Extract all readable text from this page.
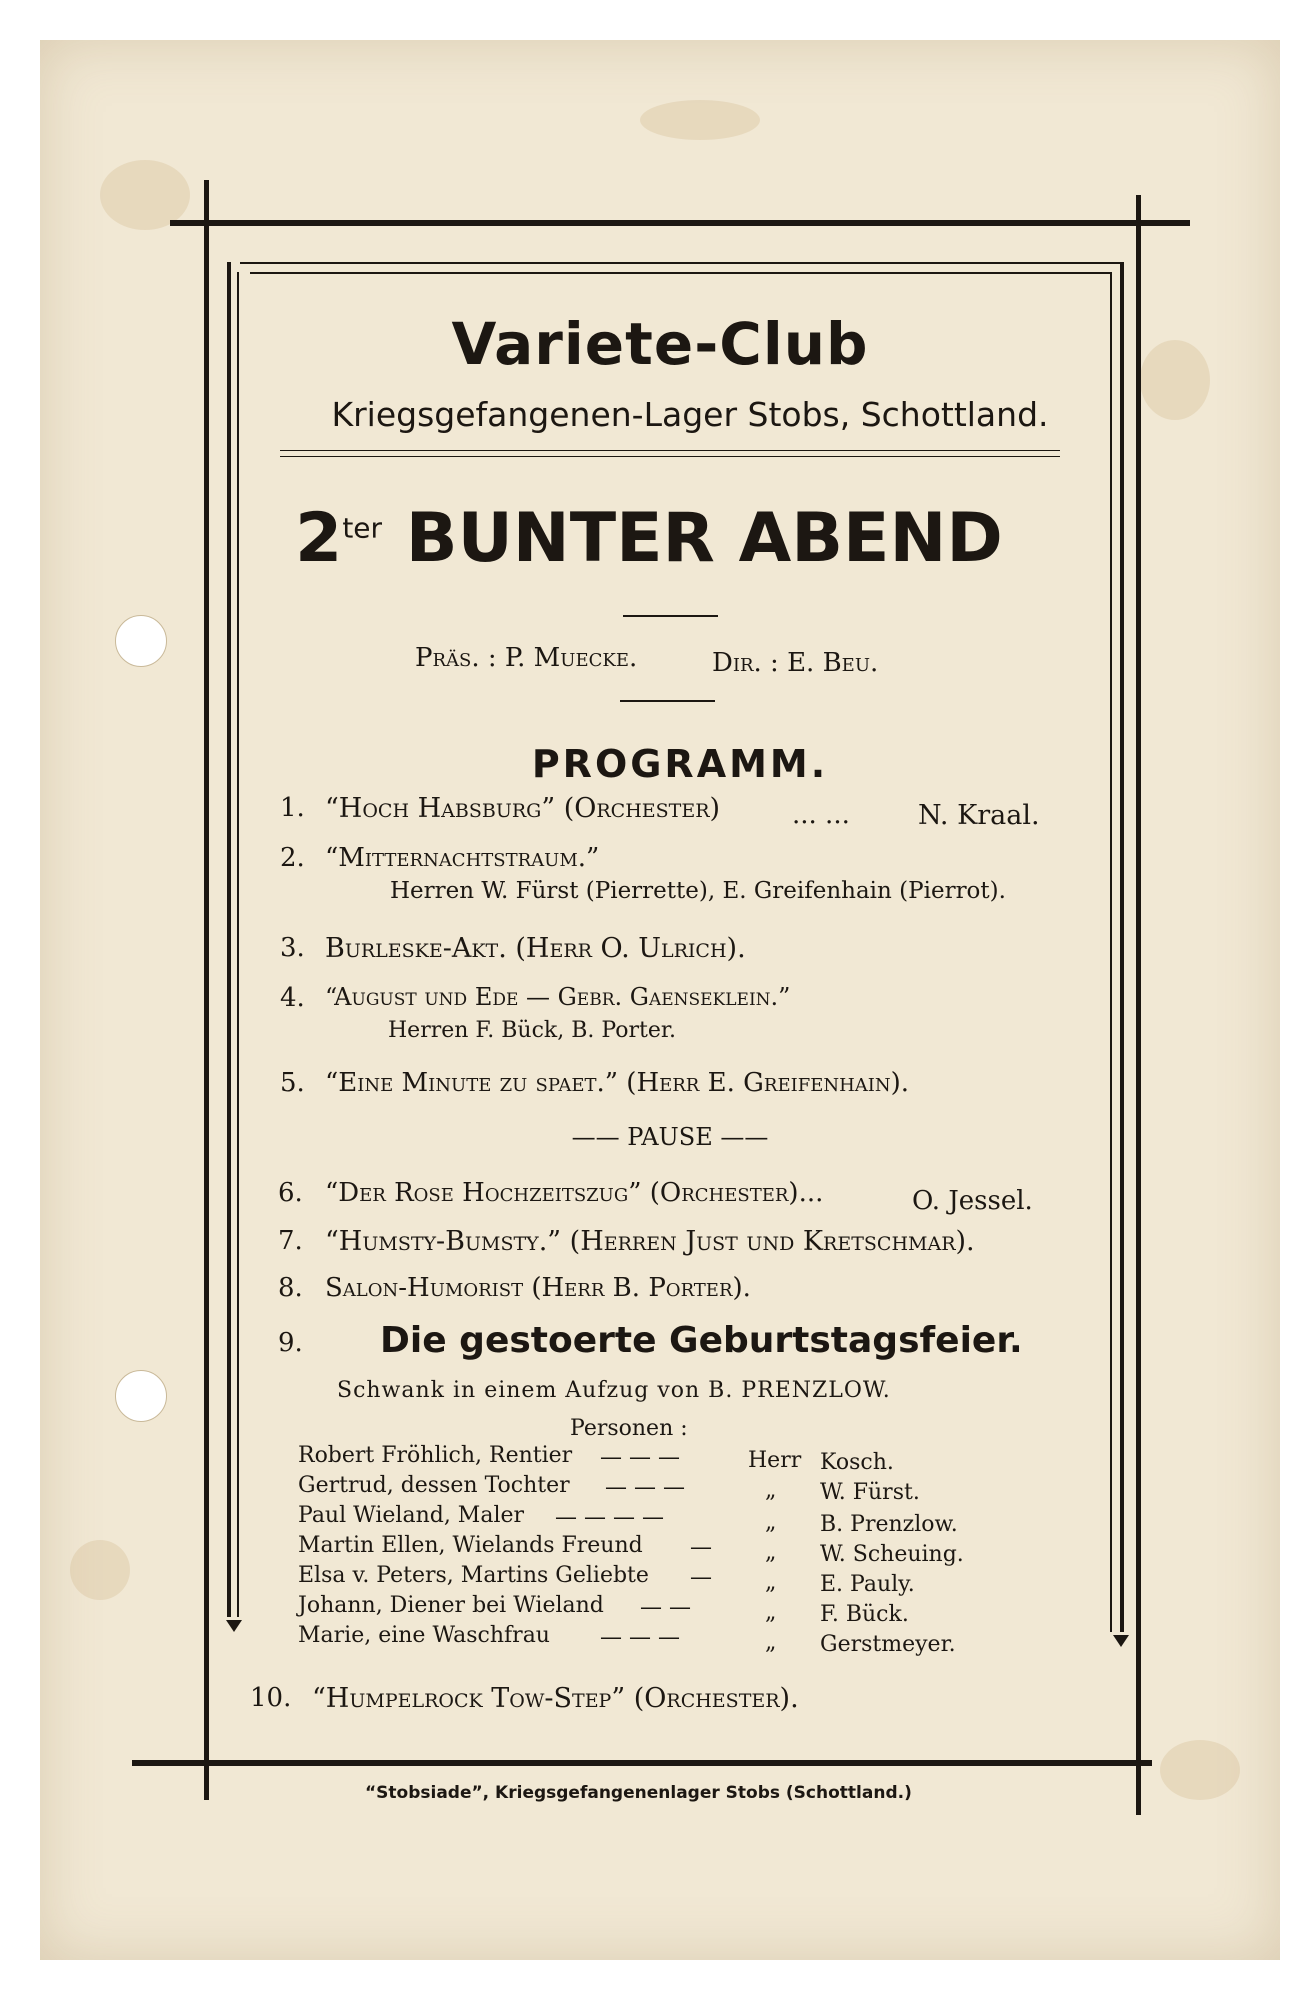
Variete-Club
Kriegsgefangenen-Lager Stobs, Schottland.
$2^{ter}$ BUNTER ABEND
Präs. : P. Muecke.	Dir. : E. Beu.
PROGRAMM.
1. “Hoch Habsburg” (Orchester)	... ...	N. Kraal.
2. “Mitternachtstraum.”
Herren W. Fürst (Pierrette), E. Greifenhain (Pierrot).
3. Burleske-Akt. (Herr O. Ulrich).
4. “August und Ede — Gebr. Gaenseklein.”
Herren F. Bück, B. Porter.
5. “Eine Minute zu spaet.” (Herr E. Greifenhain).
—— PAUSE ——
6. “Der Rose Hochzeitszug” (Orchester)...	O. Jessel.
7. “Humsty-Bumsty.” (Herren Just und Kretschmar).
8. Salon-Humorist (Herr B. Porter).
9. Die gestoerte Geburtstagsfeier.
Schwank in einem Aufzug von B. PRENZLOW.
Personen :
Robert Fröhlich, Rentier — — —	Herr Kosch.
Gertrud, dessen Tochter — — —	„ W. Fürst.
Paul Wieland, Maler — — — —	„ B. Prenzlow.
Martin Ellen, Wielands Freund — „ W. Scheuing.
Elsa v. Peters, Martins Geliebte — „ E. Pauly.
Johann, Diener bei Wieland — —	„ F. Bück.
Marie, eine Waschfrau — — —	„ Gerstmeyer.
10. “Humpelrock Tow-Step” (Orchester).
“Stobsiade”, Kriegsgefangenenlager Stobs (Schottland.)
